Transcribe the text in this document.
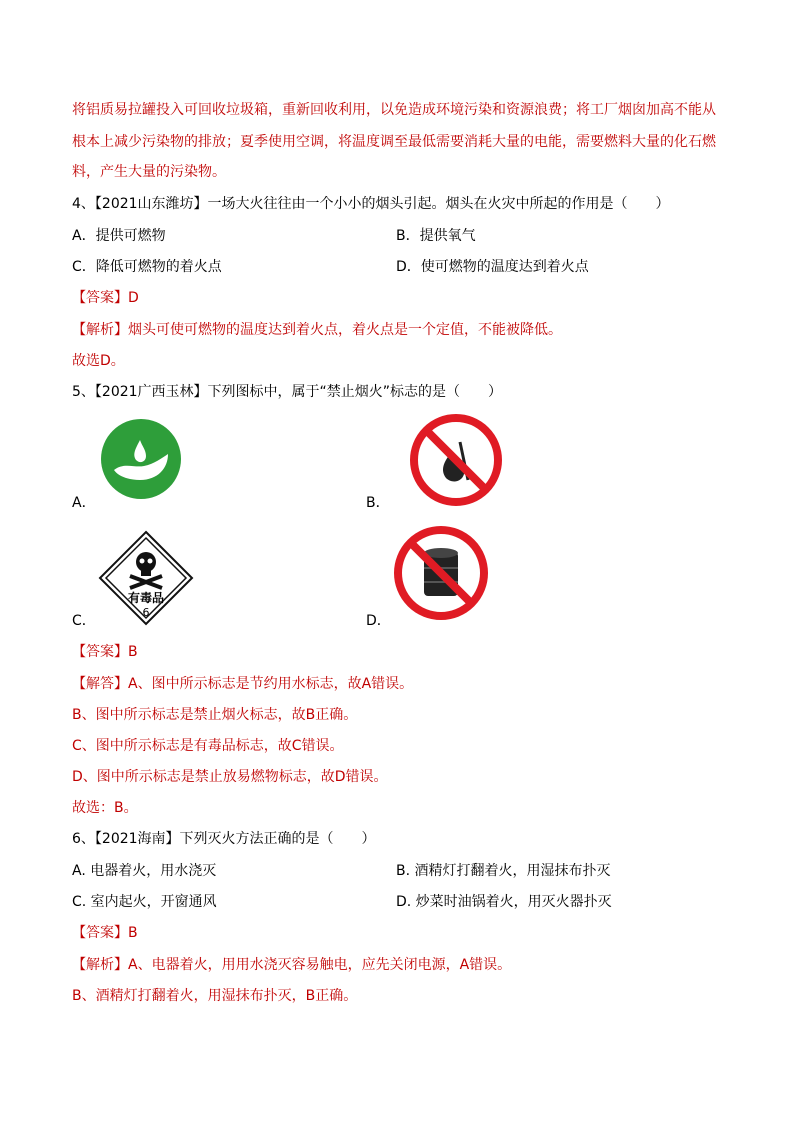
将铝质易拉罐投入可回收垃圾箱，重新回收利用，以免造成环境污染和资源浪费；将工厂烟囱加高不能从
根本上减少污染物的排放；夏季使用空调，将温度调至最低需要消耗大量的电能，需要燃料大量的化石燃
料，产生大量的污染物。
4、【2021山东潍坊】一场大火往往由一个小小的烟头引起。烟头在火灾中所起的作用是（　　）
A．提供可燃物	B．提供氧气
C．降低可燃物的着火点	D．使可燃物的温度达到着火点
【答案】D
【解析】烟头可使可燃物的温度达到着火点，着火点是一个定值，不能被降低。
故选D。
5、【2021广西玉林】下列图标中，属于“禁止烟火”标志的是（　　）
A．	B．
有毒品
6
C．	D．
【答案】B
【解答】A、图中所示标志是节约用水标志，故A错误。
B、图中所示标志是禁止烟火标志，故B正确。
C、图中所示标志是有毒品标志，故C错误。
D、图中所示标志是禁止放易燃物标志，故D错误。
故选：B。
6、【2021海南】下列灭火方法正确的是（　　）
A. 电器着火，用水浇灭	B. 酒精灯打翻着火，用湿抹布扑灭
C. 室内起火，开窗通风	D. 炒菜时油锅着火，用灭火器扑灭
【答案】B
【解析】A、电器着火，用用水浇灭容易触电，应先关闭电源，A错误。
B、酒精灯打翻着火，用湿抹布扑灭，B正确。
